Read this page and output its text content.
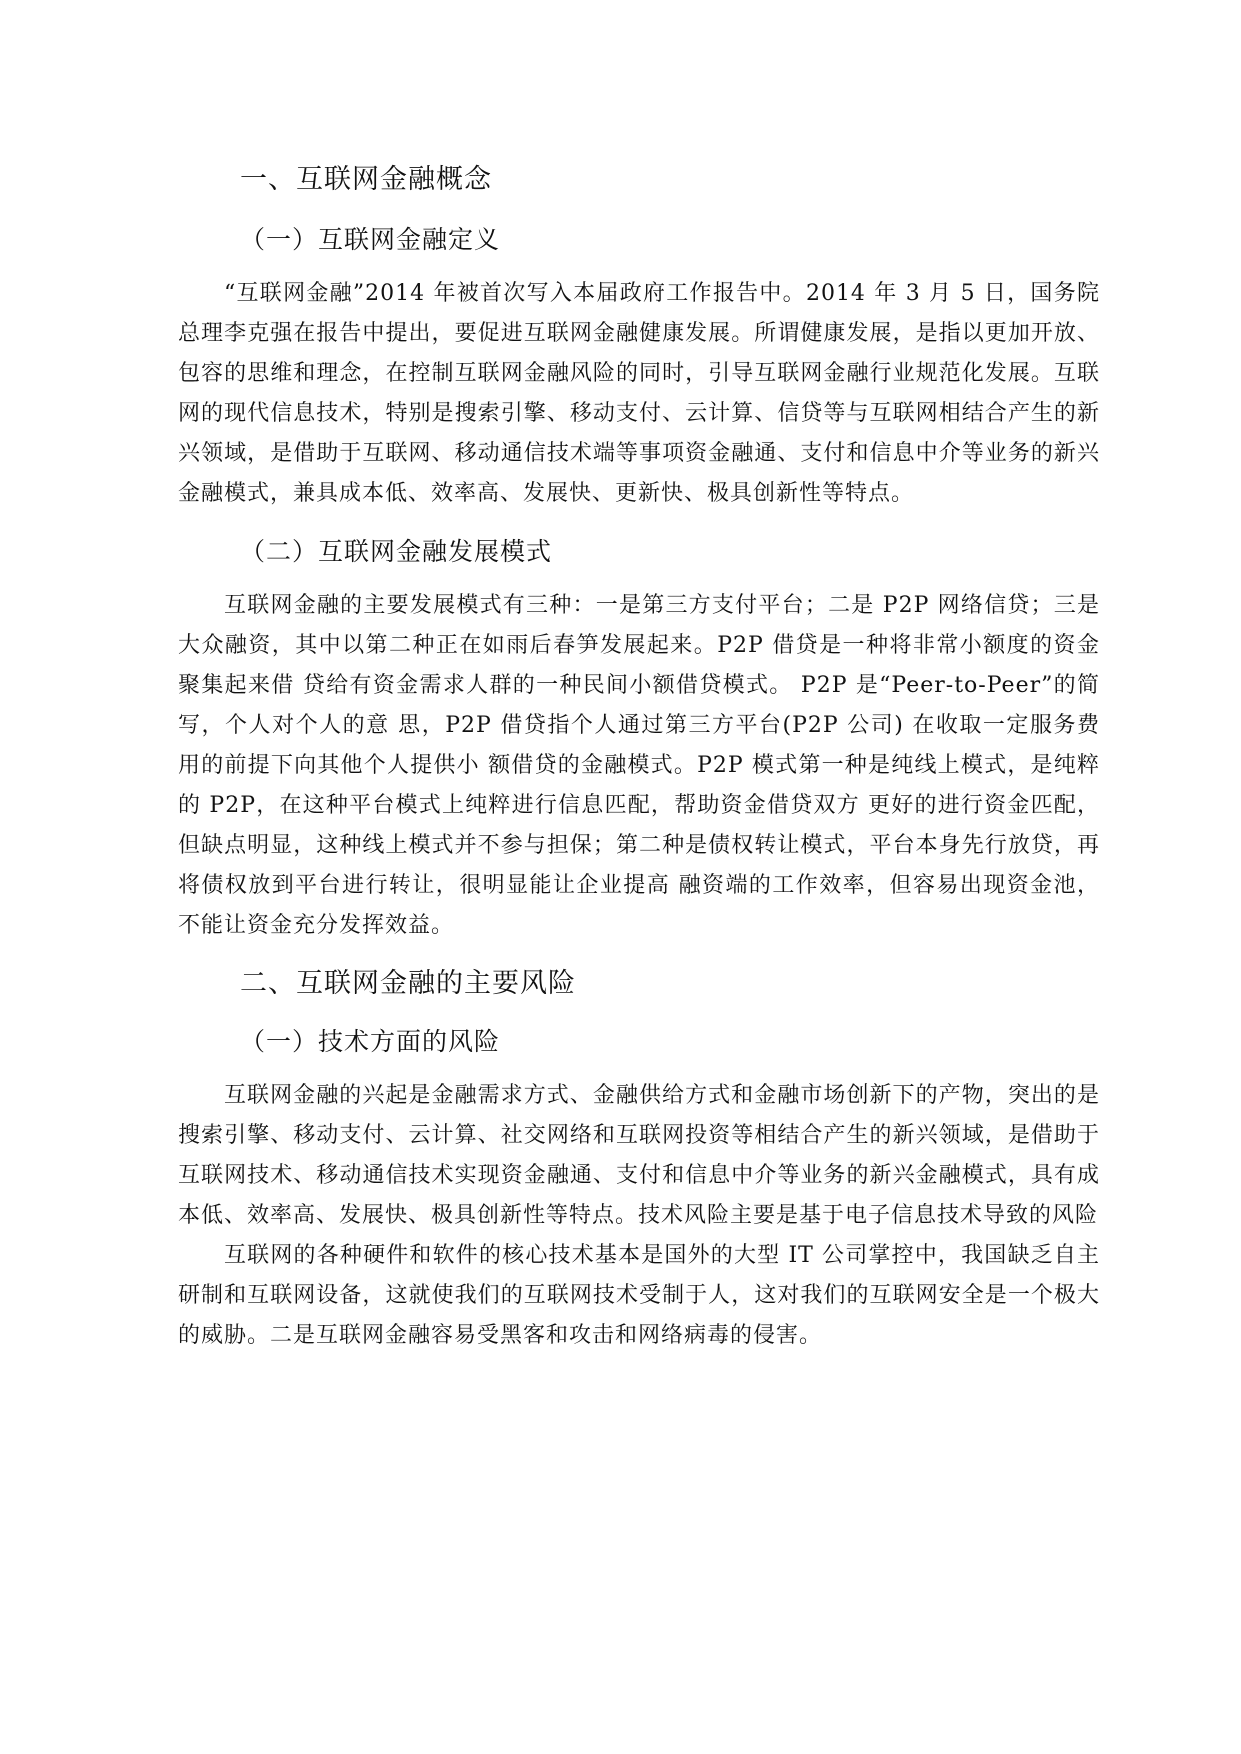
一、互联网金融概念
（一）互联网金融定义

“互联网金融”2014 年被首次写入本届政府工作报告中。2014 年 3 月 5 日，国务院总理李克强在报告中提出，要促进互联网金融健康发展。所谓健康发展，是指以更加开放、包容的思维和理念，在控制互联网金融风险的同时，引导互联网金融行业规范化发展。互联网的现代信息技术，特别是搜索引擎、移动支付、云计算、信贷等与互联网相结合产生的新兴领域，是借助于互联网、移动通信技术端等事项资金融通、支付和信息中介等业务的新兴金融模式，兼具成本低、效率高、发展快、更新快、极具创新性等特点。

（二）互联网金融发展模式

互联网金融的主要发展模式有三种：一是第三方支付平台；二是 P2P 网络信贷；三是大众融资，其中以第二种正在如雨后春笋发展起来。P2P 借贷是一种将非常小额度的资金聚集起来借 贷给有资金需求人群的一种民间小额借贷模式。 P2P 是“Peer-to-Peer”的简写，个人对个人的意 思，P2P 借贷指个人通过第三方平台(P2P 公司) 在收取一定服务费用的前提下向其他个人提供小 额借贷的金融模式。P2P 模式第一种是纯线上模式，是纯粹的 P2P，在这种平台模式上纯粹进行信息匹配，帮助资金借贷双方 更好的进行资金匹配，但缺点明显，这种线上模式并不参与担保；第二种是债权转让模式，平台本身先行放贷，再 将债权放到平台进行转让，很明显能让企业提高 融资端的工作效率，但容易出现资金池，不能让资金充分发挥效益。

二、互联网金融的主要风险
（一）技术方面的风险

互联网金融的兴起是金融需求方式、金融供给方式和金融市场创新下的产物，突出的是搜索引擎、移动支付、云计算、社交网络和互联网投资等相结合产生的新兴领域，是借助于互联网技术、移动通信技术实现资金融通、支付和信息中介等业务的新兴金融模式，具有成本低、效率高、发展快、极具创新性等特点。技术风险主要是基于电子信息技术导致的风险

互联网的各种硬件和软件的核心技术基本是国外的大型 IT 公司掌控中，我国缺乏自主研制和互联网设备，这就使我们的互联网技术受制于人，这对我们的互联网安全是一个极大的威胁。二是互联网金融容易受黑客和攻击和网络病毒的侵害。
